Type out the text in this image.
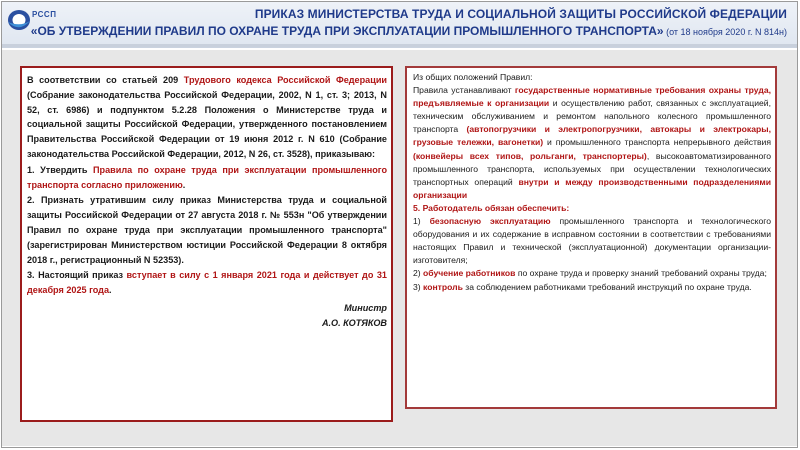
РССП	ПРИКАЗ МИНИСТЕРСТВА ТРУДА И СОЦИАЛЬНОЙ ЗАЩИТЫ РОССИЙСКОЙ ФЕДЕРАЦИИ
«ОБ УТВЕРЖДЕНИИ ПРАВИЛ ПО ОХРАНЕ ТРУДА ПРИ ЭКСПЛУАТАЦИИ ПРОМЫШЛЕННОГО ТРАНСПОРТА» (от 18 ноября 2020 г. N 814н)

В соответствии со статьей 209 Трудового кодекса Российской Федерации (Собрание законодательства Российской Федерации, 2002, N 1, ст. 3; 2013, N 52, ст. 6986) и подпунктом 5.2.28 Положения о Министерстве труда и социальной защиты Российской Федерации, утвержденного постановлением Правительства Российской Федерации от 19 июня 2012 г. N 610 (Собрание законодательства Российской Федерации, 2012, N 26, ст. 3528), приказываю:

1. Утвердить Правила по охране труда при эксплуатации промышленного транспорта согласно приложению.

2. Признать утратившим силу приказ Министерства труда и социальной защиты Российской Федерации от 27 августа 2018 г. № 553н "Об утверждении Правил по охране труда при эксплуатации промышленного транспорта" (зарегистрирован Министерством юстиции Российской Федерации 8 октября 2018 г., регистрационный N 52353).

3. Настоящий приказ вступает в силу с 1 января 2021 года и действует до 31 декабря 2025 года.

Министр
А.О. КОТЯКОВ
Из общих положений Правил:
Правила устанавливают государственные нормативные требования охраны труда, предъявляемые к организации и осуществлению работ, связанных с эксплуатацией, техническим обслуживанием и ремонтом напольного колесного промышленного транспорта (автопогрузчики и электропогрузчики, автокары и электрокары, грузовые тележки, вагонетки) и промышленного транспорта непрерывного действия (конвейеры всех типов, рольганги, транспортеры), высокоавтоматизированного промышленного транспорта, используемых при осуществлении технологических транспортных операций внутри и между производственными подразделениями организации
5. Работодатель обязан обеспечить:
1) безопасную эксплуатацию промышленного транспорта и технологического оборудования и их содержание в исправном состоянии в соответствии с требованиями настоящих Правил и технической (эксплуатационной) документации организации-изготовителя;
2) обучение работников по охране труда и проверку знаний требований охраны труда;
3) контроль за соблюдением работниками требований инструкций по охране труда.
